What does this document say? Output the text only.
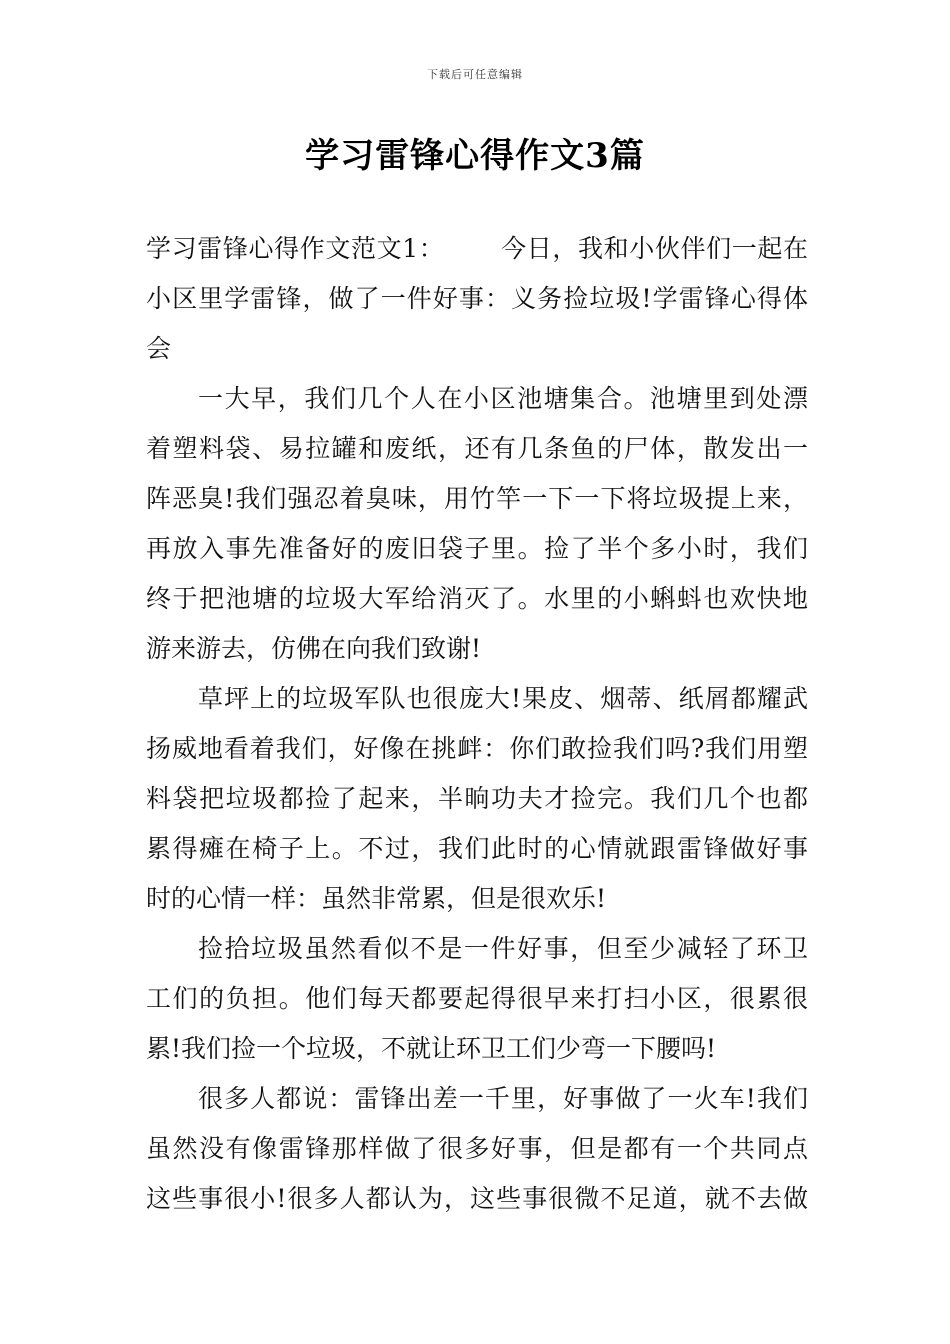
下载后可任意编辑
学习雷锋心得作文3篇
学习雷锋心得作文范文1： 今日，我和小伙伴们一起在
小区里学雷锋，做了一件好事：义务捡垃圾!学雷锋心得体
会
一大早，我们几个人在小区池塘集合。池塘里到处漂
着塑料袋、易拉罐和废纸，还有几条鱼的尸体，散发出一
阵恶臭!我们强忍着臭味，用竹竿一下一下将垃圾提上来，
再放入事先准备好的废旧袋子里。捡了半个多小时，我们
终于把池塘的垃圾大军给消灭了。水里的小蝌蚪也欢快地
游来游去，仿佛在向我们致谢!
草坪上的垃圾军队也很庞大!果皮、烟蒂、纸屑都耀武
扬威地看着我们，好像在挑衅：你们敢捡我们吗?我们用塑
料袋把垃圾都捡了起来，半晌功夫才捡完。我们几个也都
累得瘫在椅子上。不过，我们此时的心情就跟雷锋做好事
时的心情一样：虽然非常累，但是很欢乐!
捡拾垃圾虽然看似不是一件好事，但至少减轻了环卫
工们的负担。他们每天都要起得很早来打扫小区，很累很
累!我们捡一个垃圾，不就让环卫工们少弯一下腰吗!
很多人都说：雷锋出差一千里，好事做了一火车!我们
虽然没有像雷锋那样做了很多好事，但是都有一个共同点
这些事很小!很多人都认为，这些事很微不足道，就不去做
